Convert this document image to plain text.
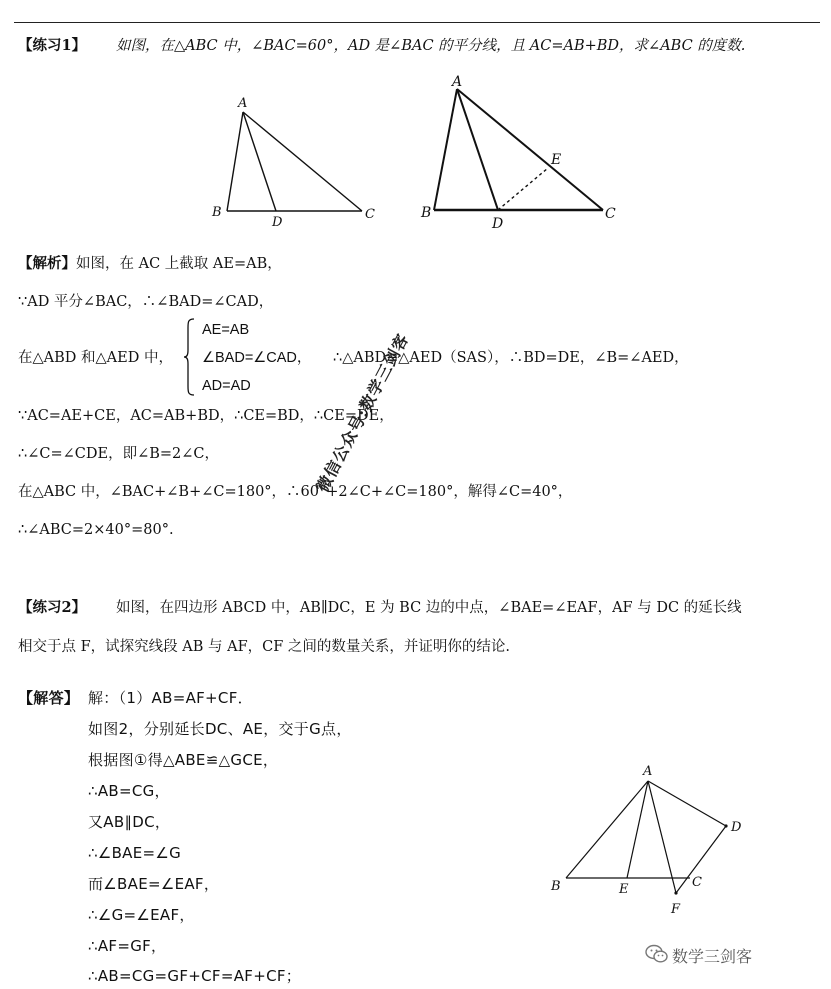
【练习1】 如图，在△ABC 中，∠BAC=60°，AD 是∠BAC 的平分线，且 AC=AB+BD，求∠ABC 的度数.
A
B	C
D
A
B	C
D
E
【解析】如图，在 AC 上截取 AE=AB，
∵AD 平分∠BAC，∴∠BAD=∠CAD，
在△ABD 和△AED 中，
AE=AB
∠BAD=∠CAD，
AD=AD
∴△ABD≌△AED（SAS），∴BD=DE，∠B=∠AED，
∵AC=AE+CE，AC=AB+BD，∴CE=BD，∴CE=DE，
∴∠C=∠CDE，即∠B=2∠C，
在△ABC 中，∠BAC+∠B+∠C=180°，∴60°+2∠C+∠C=180°，解得∠C=40°，
∴∠ABC=2×40°=80°.
微信公众号:数学三剑客
【练习2】 如图，在四边形 ABCD 中，AB∥DC，E 为 BC 边的中点，∠BAE=∠EAF，AF 与 DC 的延长线
相交于点 F，试探究线段 AB 与 AF，CF 之间的数量关系，并证明你的结论.
【解答】 解：（1）AB=AF+CF．
如图2，分别延长DC、AE，交于G点，
根据图①得△ABE≌△GCE，
∴AB=CG，
又AB∥DC，
∴∠BAE=∠G
而∠BAE=∠EAF，
∴∠G=∠EAF，
∴AF=GF，
∴AB=CG=GF+CF=AF+CF；
A
B	C
D
E
F
数学三剑客
